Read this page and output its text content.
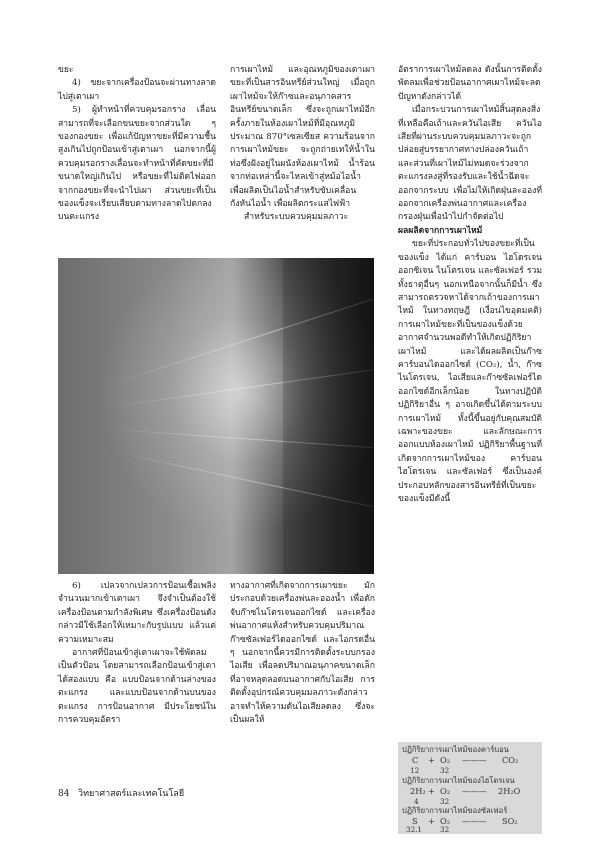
ขยะ

4) ขยะจากเครื่องป้อนจะผ่านทางลาดไปสู่เตาเผา

5) ผู้ทำหน้าที่ควบคุมรอกราง เลื่อน สามารถที่จะเลือกขนขยะจากส่วนใด ๆ ของกองขยะ เพื่อแก้ปัญหาขยะที่มีความชื้นสูงเกินไปถูกป้อนเข้าสู่เตาเผา นอกจากนี้ผู้ควบคุมรอกรางเลื่อนจะทำหน้าที่คัดขยะที่มีขนาดใหญ่เกินไป หรือขยะที่ไม่ติดไฟออกจากกองขยะที่จะนำไปเผา ส่วนขยะที่เป็นของแข็งจะเรียบเสียบตามทางลาดไปตกลงบนตะแกรง

การเผาไหม้ และอุณหภูมิของเตาเผาขยะที่เป็นสารอินทรีย์ส่วนใหญ่ เมื่อถูกเผาไหม้จะให้ก๊าซและอนุภาคสารอินทรีย์ขนาดเล็ก ซึ่งจะถูกเผาไหม้อีกครั้งภายในห้องเผาไหม้ที่มีอุณหภูมิประมาณ 870°เซลเซียส ความร้อนจากการเผาไหม้ขยะ จะถูกถ่ายเทให้น้ำในท่อซึ่งฝังอยู่ในผนังห้องเผาไหม้ น้ำร้อนจากท่อเหล่านี้จะไหลเข้าสู่หม้อไอน้ำ เพื่อผลิตเป็นไอน้ำสำหรับขับเคลื่อนกังหันไอน้ำ เพื่อผลิตกระแสไฟฟ้า

สำหรับระบบควบคุมมลภาวะ

อัตราการเผาไหม้ลดลง ดังนั้นการติดตั้งพัดลมเพื่อช่วยป้อนอากาศเผาไหม้จะลดปัญหาดังกล่าวได้

เมื่อกระบวนการเผาไหม้สิ้นสุดลงสิ่งที่เหลือคือเถ้าและควันไอเสีย ควันไอเสียที่ผ่านระบบควบคุมมลภาวะจะถูกปล่อยสู่บรรยากาศทางปล่องควันเถ้าและส่วนที่เผาไหม้ไม่หมดจะร่วงจากตะแกรงลงสู่ที่รองรับและใช้น้ำฉีดจะออกจากระบบ เพื่อไม่ให้เกิดฝุ่นละอองที่ออกจากเครื่องพ่นอากาศและเครื่องกรองฝุ่นเพื่อนำไปกำจัดต่อไป

ผลผลิตจากการเผาไหม้

ขยะที่ประกอบทั่วไปของขยะที่เป็นของแข็ง ได้แก่ คาร์บอน ไฮโดรเจน ออกซิเจน ไนโตรเจน และซัลเฟอร์ รวมทั้งธาตุอื่นๆ นอกเหนือจากนั้นก็มีน้ำ ซึ่งสามารถตรวจหาได้จากเถ้าของการเผาไหม้ ในทางทฤษฎี (เงื่อนไขอุดมคติ) การเผาไหม้ขยะที่เป็นของแข็งด้วยอากาศจำนวนพอดีทำให้เกิดปฏิกิริยาเผาไหม้ และได้ผลผลิตเป็นก๊าซคาร์บอนไดออกไซด์ (CO₂), น้ำ, ก๊าซไนโตรเจน, ไอเสียและก๊าซซัลเฟอร์ไดออกไซด์อีกเล็กน้อย ในทางปฏิบัติปฏิกิริยาอื่น ๆ อาจเกิดขึ้นได้ตามระบบการเผาไหม้ ทั้งนี้ขึ้นอยู่กับคุณสมบัติเฉพาะของขยะ และลักษณะการออกแบบห้องเผาไหม้ ปฏิกิริยาพื้นฐานที่เกิดจากการเผาไหม้ของ คาร์บอน ไฮโดรเจน และซัลเฟอร์ ซึ่งเป็นองค์ประกอบหลักของสารอินทรีย์ที่เป็นขยะของแข็งมีดังนี้

ปฏิกิริยาการเผาไหม้ของคาร์บอน
C + O₂ ——— CO₂
12	32
ปฏิกิริยาการเผาไหม้ของไฮโดรเจน
2H₂ + O₂ ——— 2H₂O
4	32
ปฏิกิริยาการเผาไหม้ของซัลเฟอร์
S + O₂ ——— SO₂
32.1 32

6) เปลวจากเปลวการป้อนเชื้อเพลิงจำนวนมากเข้าเตาเผา จึงจำเป็นต้องใช้เครื่องป้อนตามกำลังพิเศษ ซึ่งเครื่องป้อนดังกล่าวมีใช้เลือกให้เหมาะกับรูปแบบ แล้วแต่ความเหมาะสม

อากาศที่ป้อนเข้าสู่เตาเผาจะใช้พัดลมเป็นตัวป้อน โดยสามารถเลือกป้อนเข้าสู่เตาได้สองแบบ คือ แบบป้อนจากด้านล่างของตะแกรง และแบบป้อนจากด้านบนของตะแกรง การป้อนอากาศ มีประโยชน์ในการควบคุมอัตรา

ทางอากาศที่เกิดจากการเผาขยะ มักประกอบด้วยเครื่องพ่นละอองน้ำ เพื่อดักจับก๊าซไนโตรเจนออกไซด์ และเครื่องพ่นอากาศแห้งสำหรับควบคุมปริมาณก๊าซซัลเฟอร์ไดออกไซด์ และไอกรดอื่น ๆ นอกจากนี้ควรมีการติดตั้งระบบกรองไอเสีย เพื่อลดปริมาณอนุภาคขนาดเล็กที่อาจหลุดลอดบนอากาศกับไอเสีย การติดตั้งอุปกรณ์ควบคุมมลภาวะดังกล่าว อาจทำให้ความดันไอเสียลดลง ซึ่งจะเป็นผลให้

84 วิทยาศาสตร์และเทคโนโลยี
